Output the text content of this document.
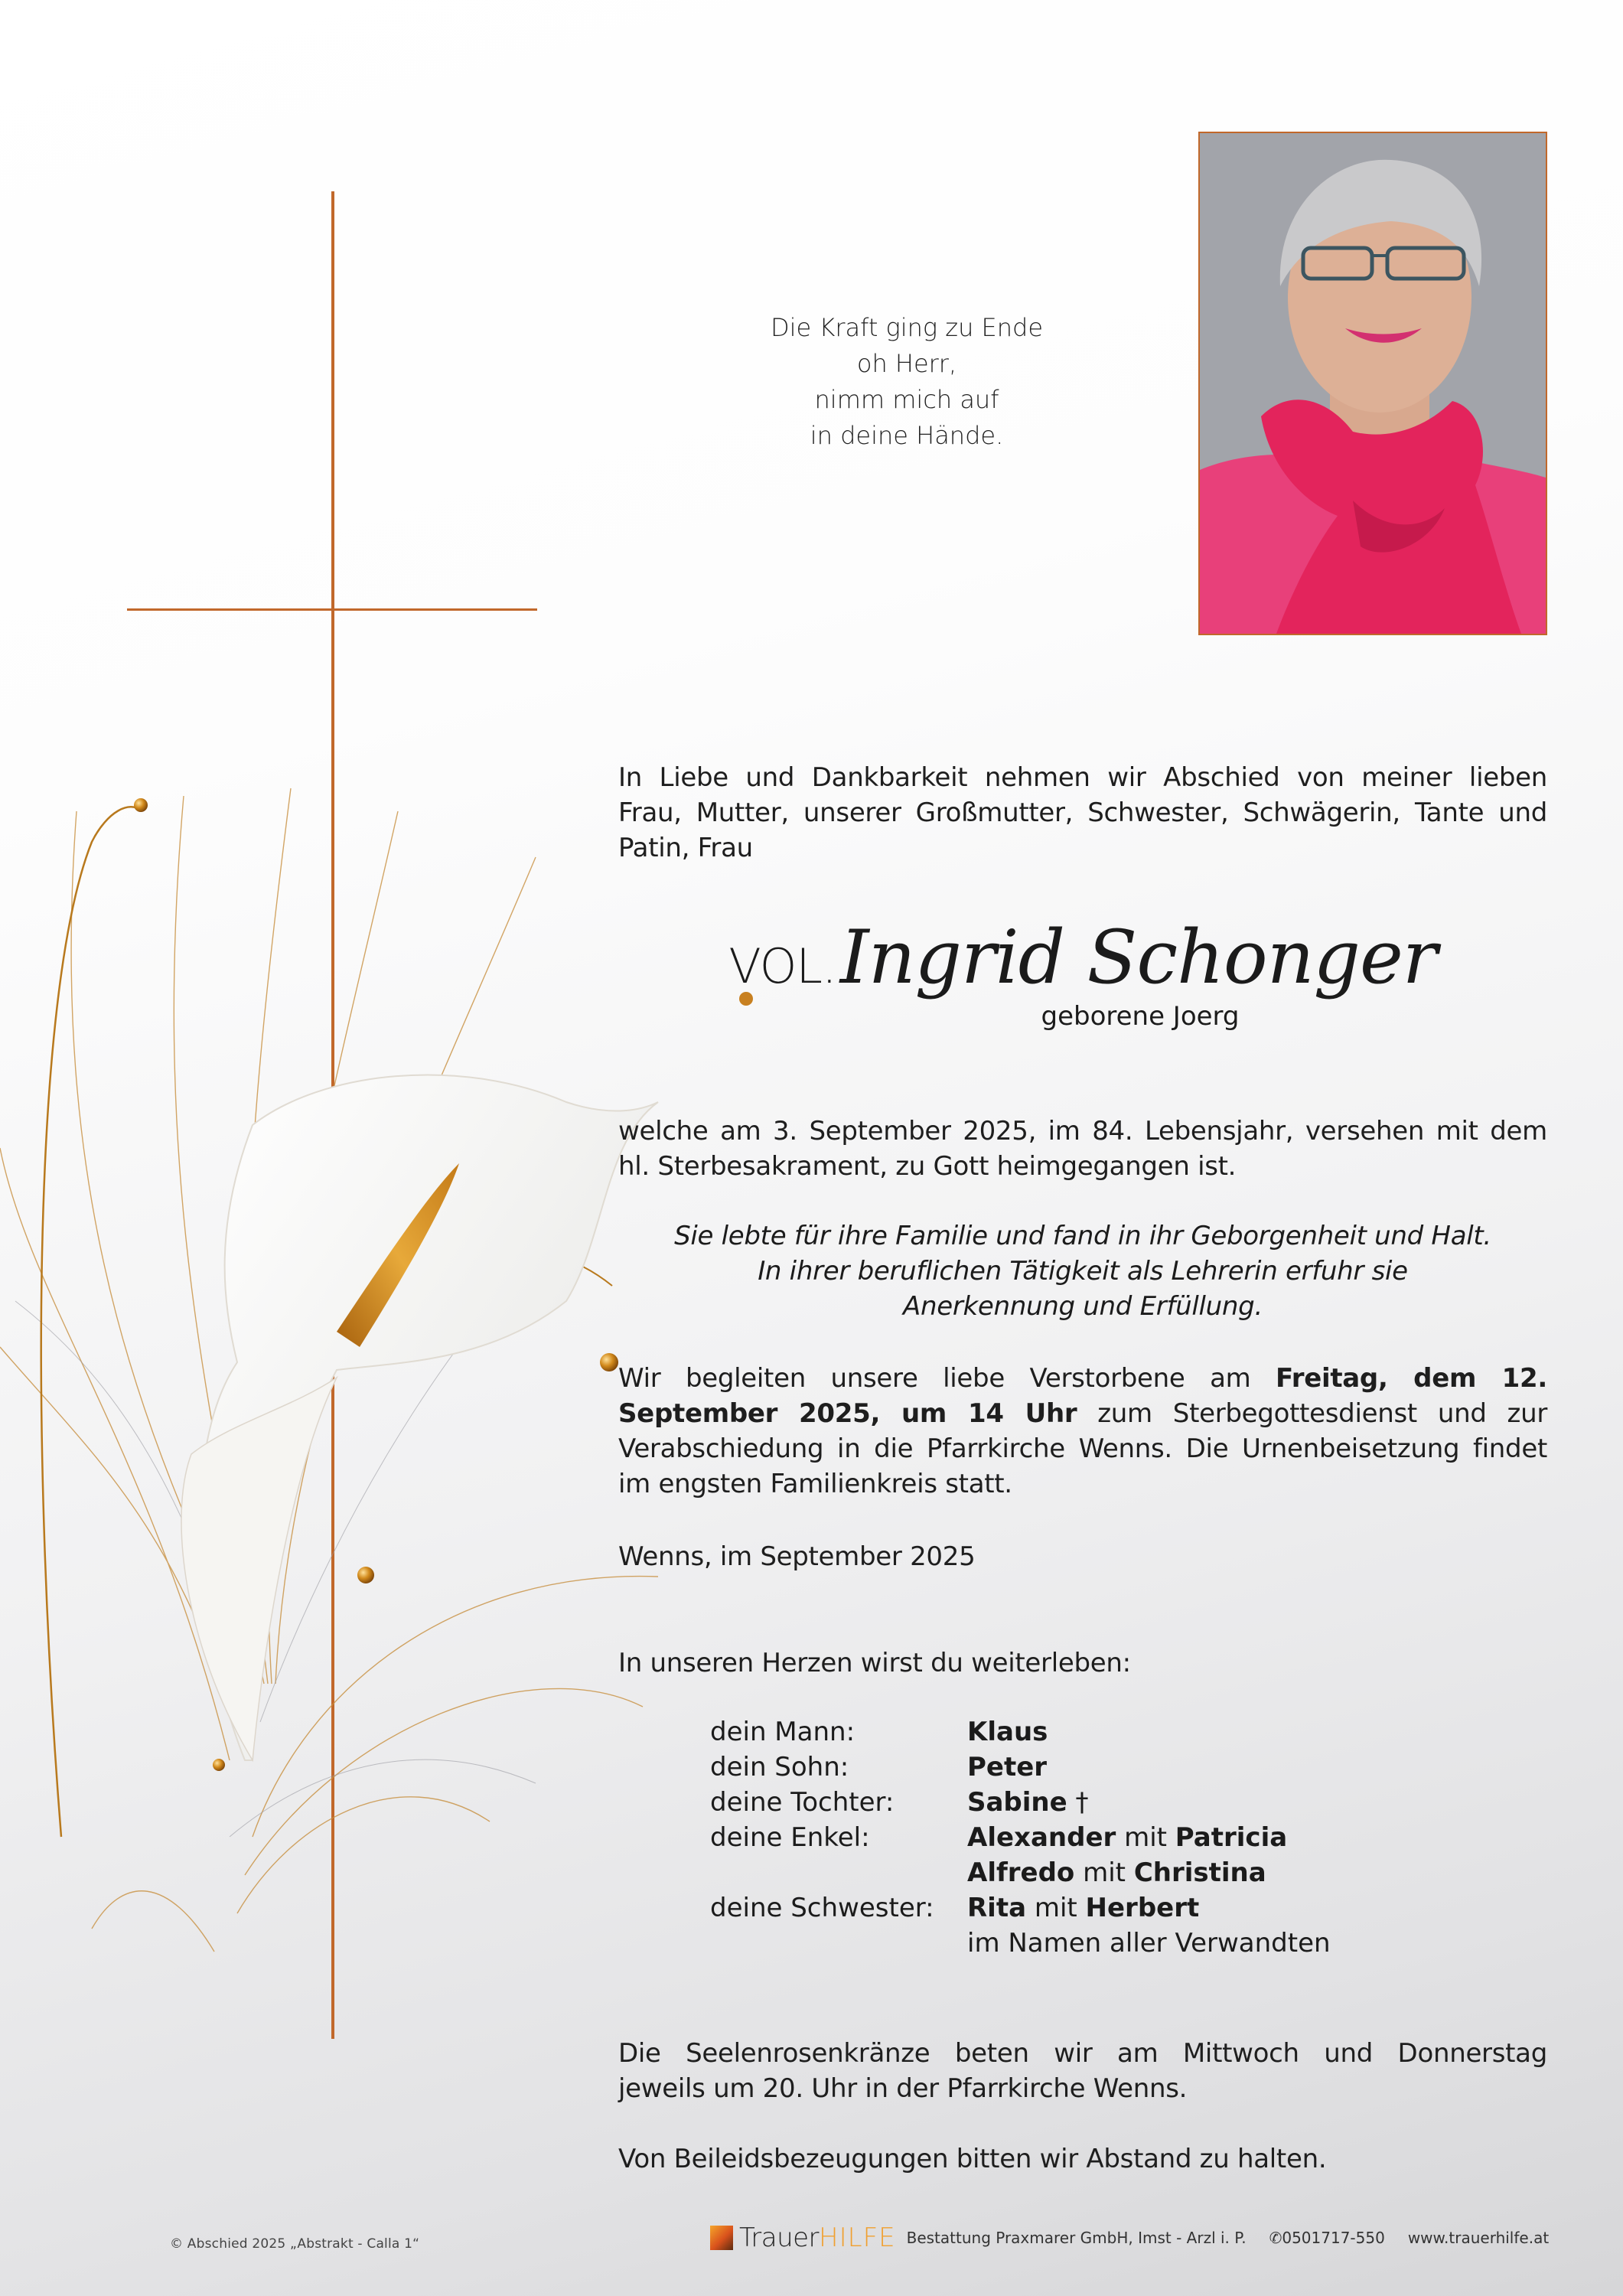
Die Kraft ging zu Ende
oh Herr,
nimm mich auf
in deine Hände.
In Liebe und Dankbarkeit nehmen wir Abschied von meiner lieben
Frau, Mutter, unserer Großmutter, Schwester, Schwägerin, Tante und
Patin, Frau
VOL. Ingrid Schonger
geborene Joerg
welche am 3. September 2025, im 84. Lebensjahr, versehen mit dem
hl. Sterbesakrament, zu Gott heimgegangen ist.
Sie lebte für ihre Familie und fand in ihr Geborgenheit und Halt.
In ihrer beruflichen Tätigkeit als Lehrerin erfuhr sie
Anerkennung und Erfüllung.
Wir begleiten unsere liebe Verstorbene am Freitag, dem 12.
September 2025, um 14 Uhr zum Sterbegottesdienst und zur
Verabschiedung in die Pfarrkirche Wenns. Die Urnenbeisetzung findet
im engsten Familienkreis statt.
Wenns, im September 2025
In unseren Herzen wirst du weiterleben:
dein Mann:	Klaus
dein Sohn:	Peter
deine Tochter:	Sabine †
deine Enkel:	Alexander mit Patricia
	Alfredo mit Christina
deine Schwester:	Rita mit Herbert
	im Namen aller Verwandten
Die Seelenrosenkränze beten wir am Mittwoch und Donnerstag
jeweils um 20. Uhr in der Pfarrkirche Wenns.
Von Beileidsbezeugungen bitten wir Abstand zu halten.
© Abschied 2025 „Abstrakt - Calla 1“	Trauer HILFE Bestattung Praxmarer GmbH, Imst - Arzl i. P. ✆0501717-550 www.trauerhilfe.at
